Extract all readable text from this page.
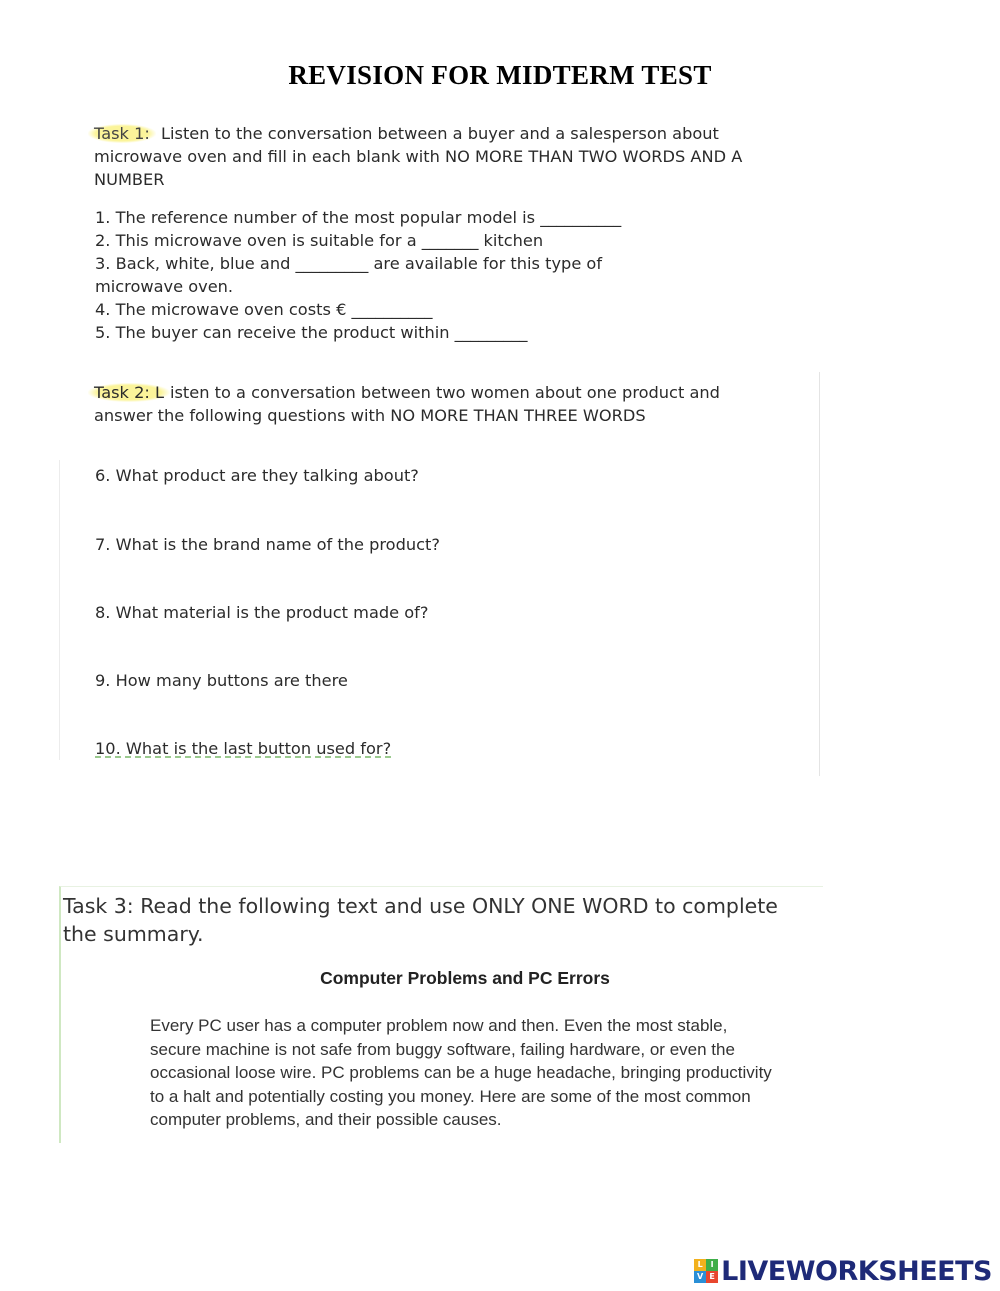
REVISION FOR MIDTERM TEST
Task 1: Listen to the conversation between a buyer and a salesperson about microwave oven and fill in each blank with NO MORE THAN TWO WORDS AND A NUMBER
1. The reference number of the most popular model is __________
2. This microwave oven is suitable for a _______ kitchen
3. Back, white, blue and _________ are available for this type of
microwave oven.
4. The microwave oven costs € __________
5. The buyer can receive the product within _________
Task 2: L isten to a conversation between two women about one product and answer the following questions with NO MORE THAN THREE WORDS
6. What product are they talking about?
7. What is the brand name of the product?
8. What material is the product made of?
9. How many buttons are there
10. What is the last button used for?
Task 3: Read the following text and use ONLY ONE WORD to complete the summary.
Computer Problems and PC Errors
Every PC user has a computer problem now and then. Even the most stable, secure machine is not safe from buggy software, failing hardware, or even the occasional loose wire. PC problems can be a huge headache, bringing productivity to a halt and potentially costing you money. Here are some of the most common computer problems, and their possible causes.
L I
V E LIVEWORKSHEETS
